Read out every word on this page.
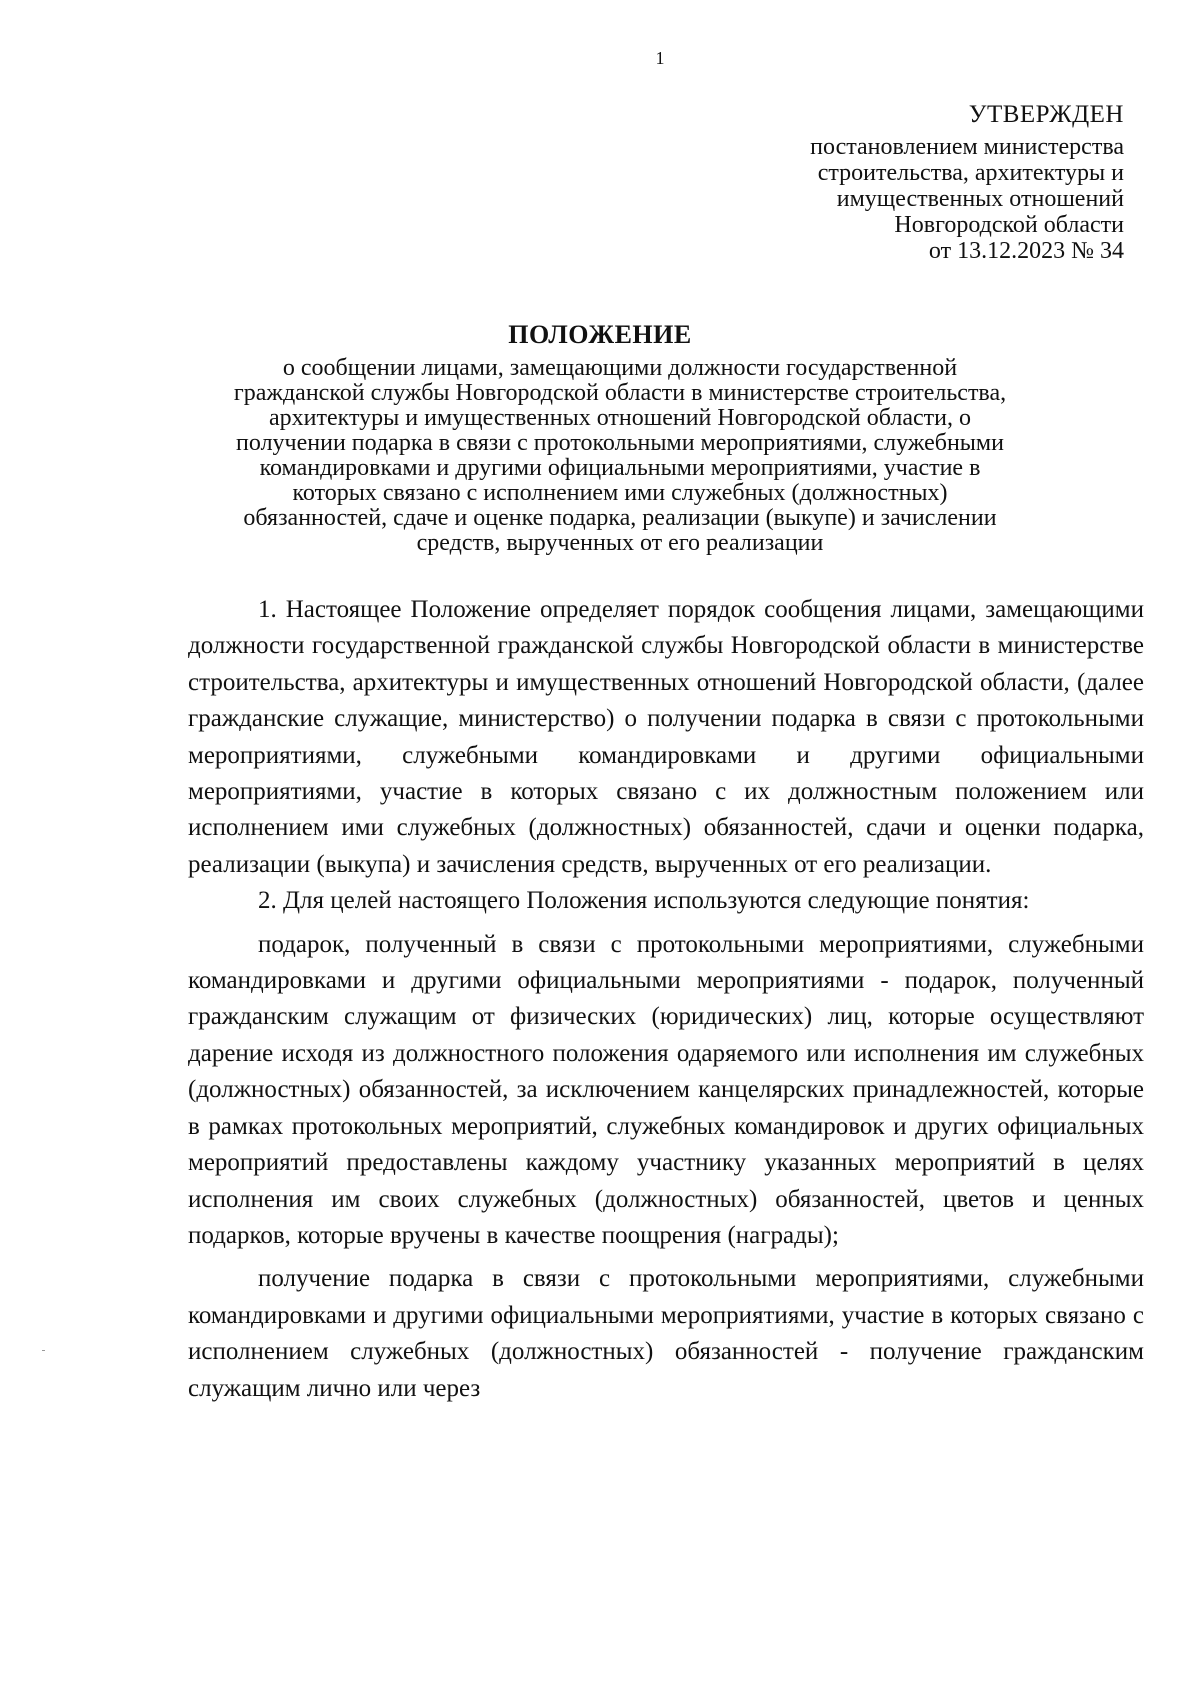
1
УТВЕРЖДЕН
постановлением министерства
строительства, архитектуры и
имущественных отношений
Новгородской области
от 13.12.2023 № 34
ПОЛОЖЕНИЕ
о сообщении лицами, замещающими должности государственной
гражданской службы Новгородской области в министерстве строительства,
архитектуры и имущественных отношений Новгородской области, о
получении подарка в связи с протокольными мероприятиями, служебными
командировками и другими официальными мероприятиями, участие в
которых связано с исполнением ими служебных (должностных)
обязанностей, сдаче и оценке подарка, реализации (выкупе) и зачислении
средств, вырученных от его реализации

1. Настоящее Положение определяет порядок сообщения лицами, замещающими должности государственной гражданской службы Новгородской области в министерстве строительства, архитектуры и имущественных отношений Новгородской области, (далее гражданские служащие, министерство) о получении подарка в связи с протокольными мероприятиями, служебными командировками и другими официальными мероприятиями, участие в которых связано с их должностным положением или исполнением ими служебных (должностных) обязанностей, сдачи и оценки подарка, реализации (выкупа) и зачисления средств, вырученных от его реализации.

2. Для целей настоящего Положения используются следующие понятия:

подарок, полученный в связи с протокольными мероприятиями, служебными командировками и другими официальными мероприятиями - подарок, полученный гражданским служащим от физических (юридических) лиц, которые осуществляют дарение исходя из должностного положения одаряемого или исполнения им служебных (должностных) обязанностей, за исключением канцелярских принадлежностей, которые в рамках протокольных мероприятий, служебных командировок и других официальных мероприятий предоставлены каждому участнику указанных мероприятий в целях исполнения им своих служебных (должностных) обязанностей, цветов и ценных подарков, которые вручены в качестве поощрения (награды);

получение подарка в связи с протокольными мероприятиями, служебными командировками и другими официальными мероприятиями, участие в которых связано с исполнением служебных (должностных) обязанностей - получение гражданским служащим лично или через
